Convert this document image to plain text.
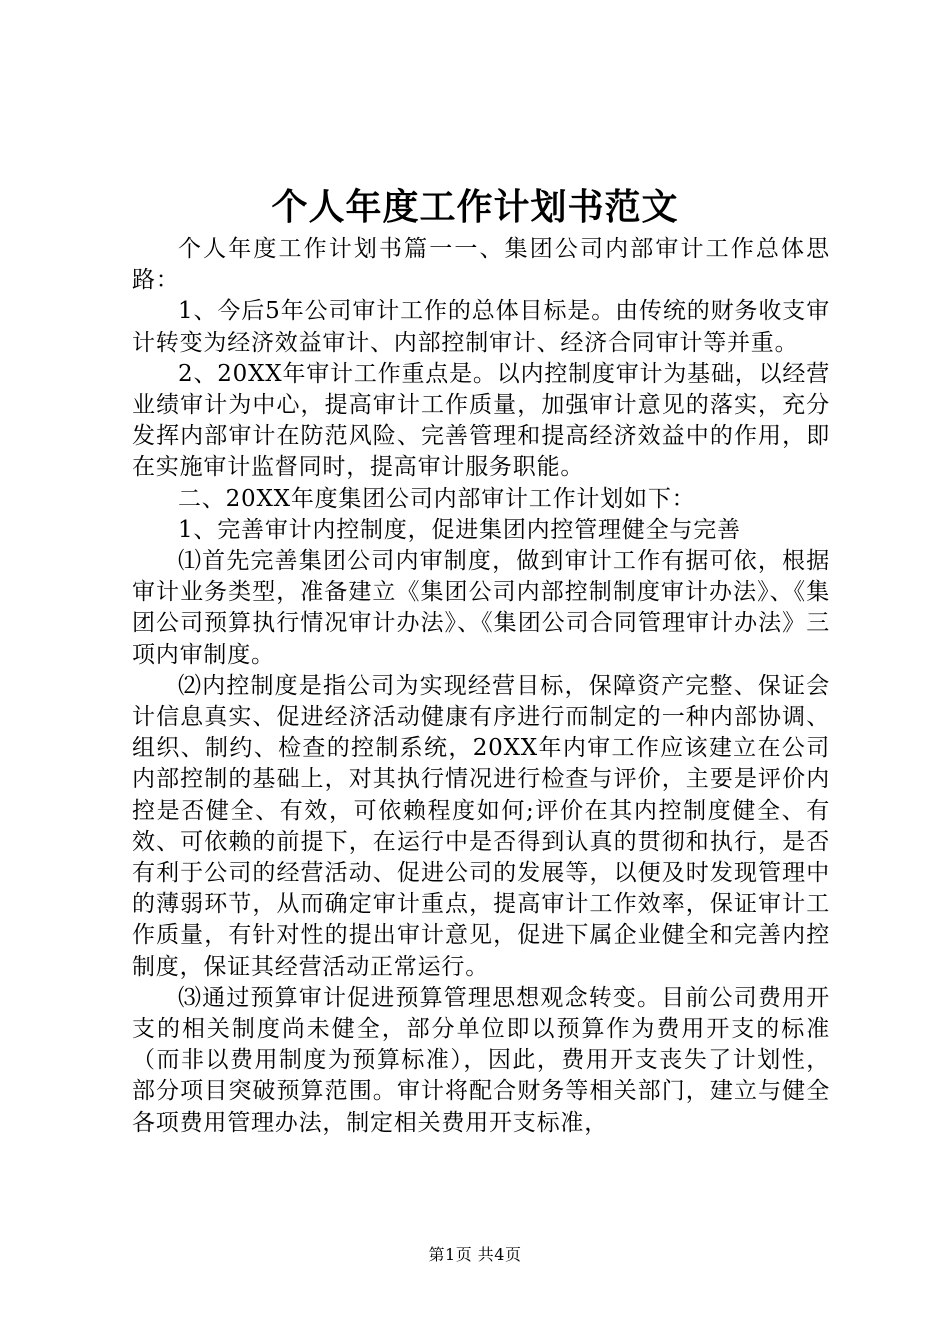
个人年度工作计划书范文

个人年度工作计划书篇一一、集团公司内部审计工作总体思路：

1、今后5年公司审计工作的总体目标是。由传统的财务收支审计转变为经济效益审计、内部控制审计、经济合同审计等并重。

2、20XX年审计工作重点是。以内控制度审计为基础，以经营业绩审计为中心，提高审计工作质量，加强审计意见的落实，充分发挥内部审计在防范风险、完善管理和提高经济效益中的作用，即在实施审计监督同时，提高审计服务职能。

二、20XX年度集团公司内部审计工作计划如下：

1、完善审计内控制度，促进集团内控管理健全与完善

⑴首先完善集团公司内审制度，做到审计工作有据可依，根据审计业务类型，准备建立《集团公司内部控制制度审计办法》、《集团公司预算执行情况审计办法》、《集团公司合同管理审计办法》三项内审制度。

⑵内控制度是指公司为实现经营目标，保障资产完整、保证会计信息真实、促进经济活动健康有序进行而制定的一种内部协调、组织、制约、检查的控制系统，20XX年内审工作应该建立在公司内部控制的基础上，对其执行情况进行检查与评价，主要是评价内控是否健全、有效，可依赖程度如何;评价在其内控制度健全、有效、可依赖的前提下，在运行中是否得到认真的贯彻和执行，是否有利于公司的经营活动、促进公司的发展等，以便及时发现管理中的薄弱环节，从而确定审计重点，提高审计工作效率，保证审计工作质量，有针对性的提出审计意见，促进下属企业健全和完善内控制度，保证其经营活动正常运行。

⑶通过预算审计促进预算管理思想观念转变。目前公司费用开支的相关制度尚未健全，部分单位即以预算作为费用开支的标准（而非以费用制度为预算标准），因此，费用开支丧失了计划性，部分项目突破预算范围。审计将配合财务等相关部门，建立与健全各项费用管理办法，制定相关费用开支标准，

第1页 共4页
